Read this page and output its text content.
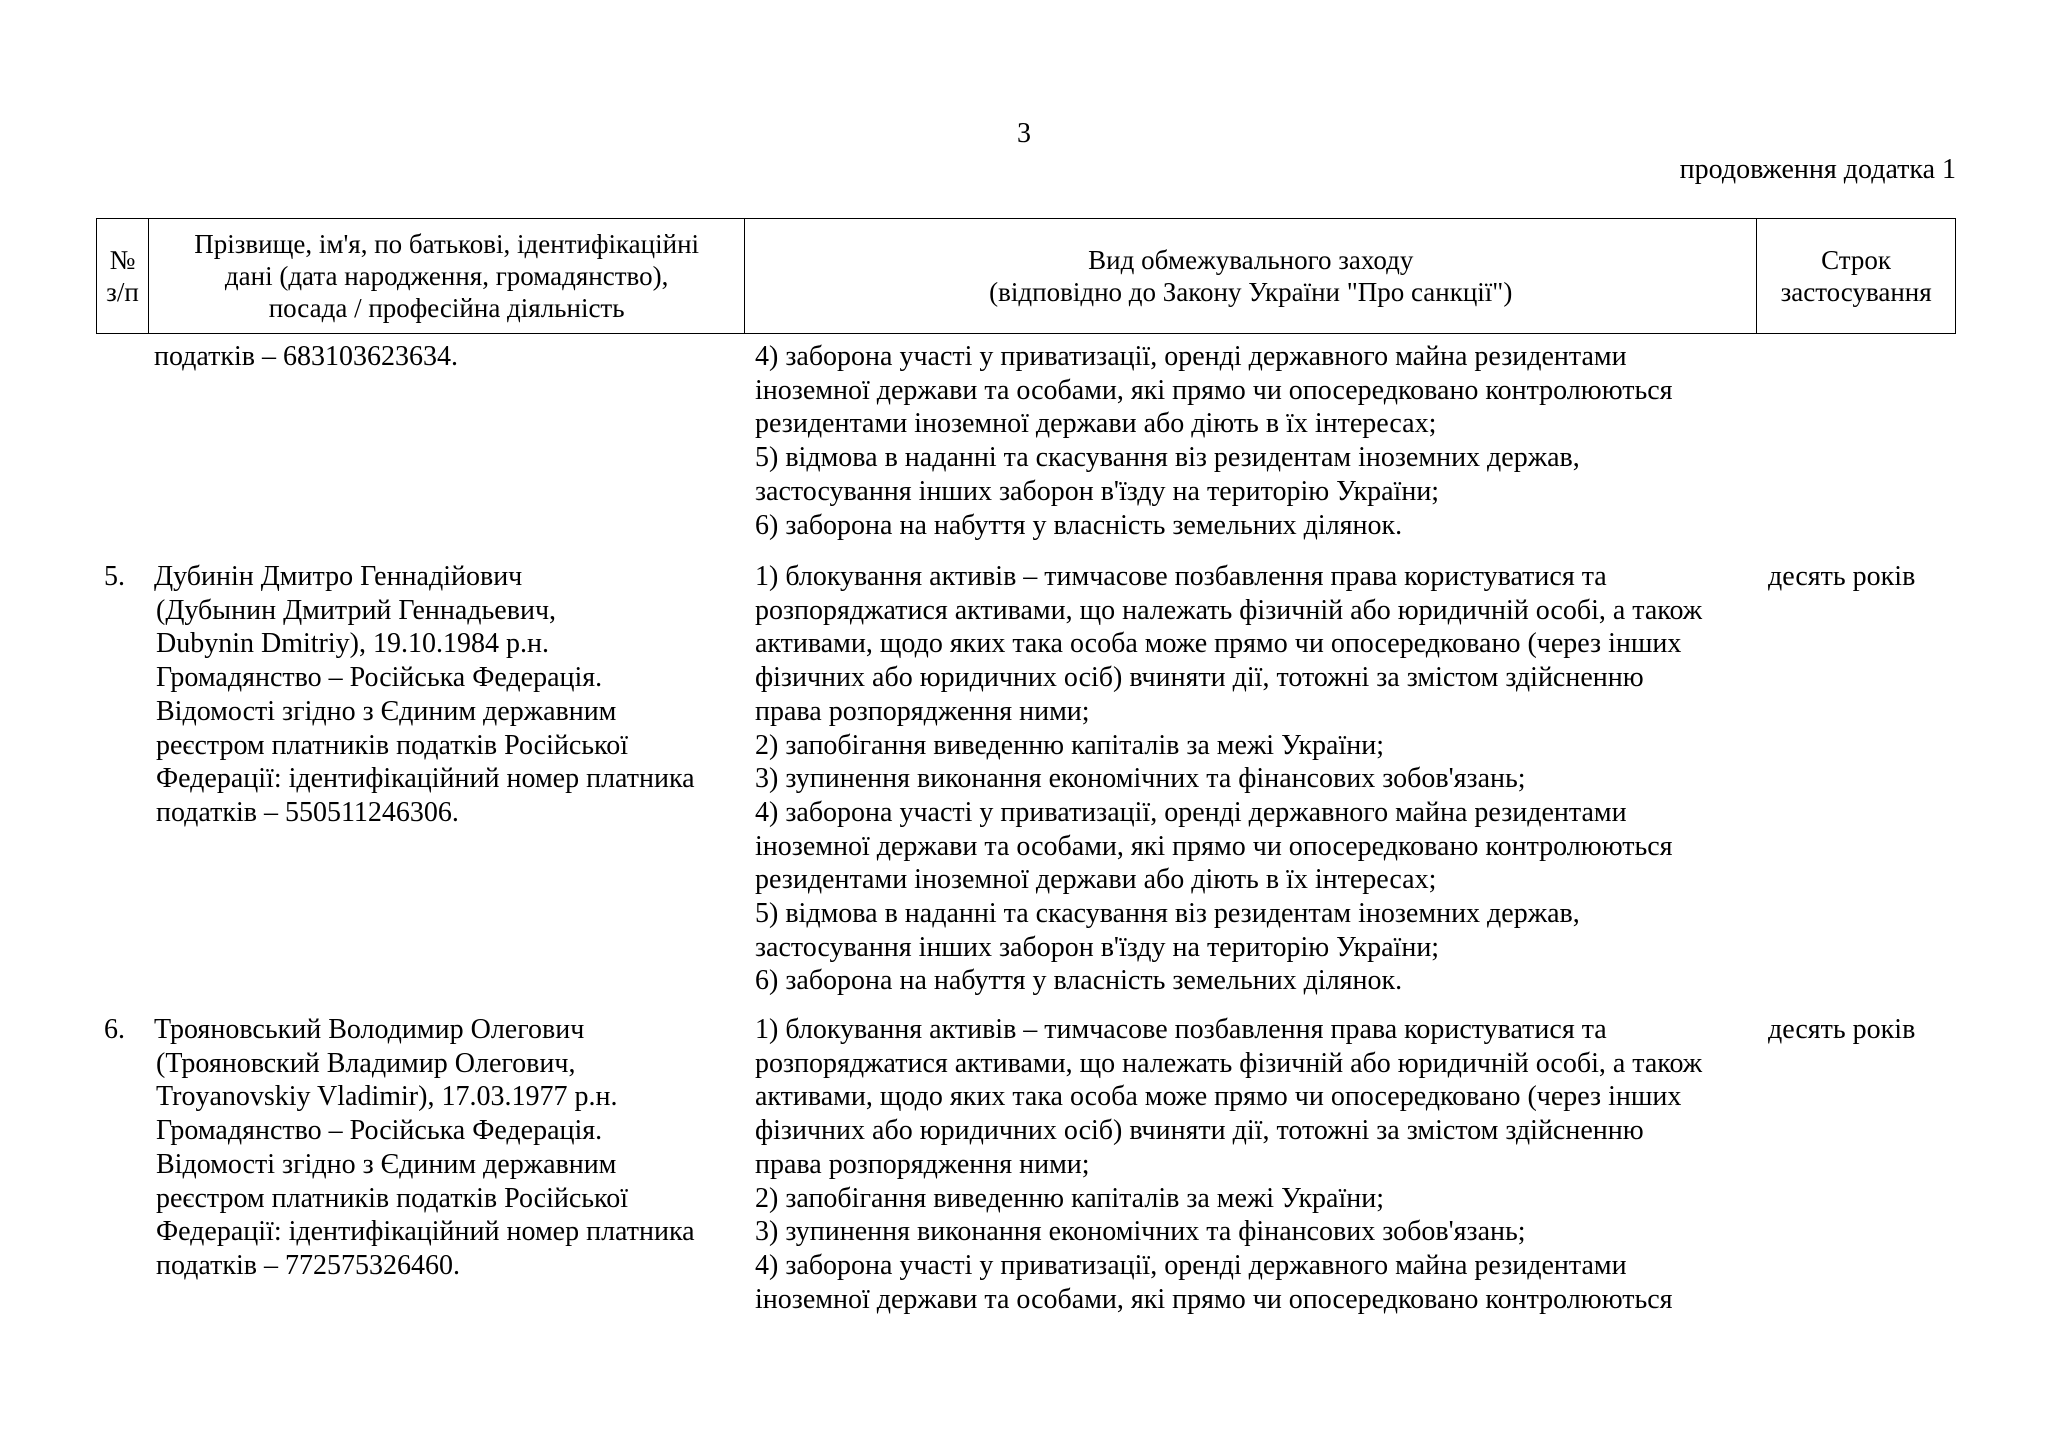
3
продовження додатка 1
№
з/п
Прізвище, ім'я, по батькові, ідентифікаційні
дані (дата народження, громадянство),
посада / професійна діяльність
Вид обмежувального заходу
(відповідно до Закону України "Про санкції")
Строк
застосування
податків – 683103623634.	4) заборона участі у приватизації, оренді державного майна резидентами
іноземної держави та особами, які прямо чи опосередковано контролюються
резидентами іноземної держави або діють в їх інтересах;
5) відмова в наданні та скасування віз резидентам іноземних держав,
застосування інших заборон в'їзду на територію України;
6) заборона на набуття у власність земельних ділянок.
5. Дубинін Дмитро Геннадійович
(Дубынин Дмитрий Геннадьевич,
Dubynin Dmitriy), 19.10.1984 р.н.
Громадянство – Російська Федерація.
Відомості згідно з Єдиним державним
реєстром платників податків Російської
Федерації: ідентифікаційний номер платника
податків – 550511246306.
1) блокування активів – тимчасове позбавлення права користуватися та
розпоряджатися активами, що належать фізичній або юридичній особі, а також
активами, щодо яких така особа може прямо чи опосередковано (через інших
фізичних або юридичних осіб) вчиняти дії, тотожні за змістом здійсненню
права розпорядження ними;
2) запобігання виведенню капіталів за межі України;
3) зупинення виконання економічних та фінансових зобов'язань;
4) заборона участі у приватизації, оренді державного майна резидентами
іноземної держави та особами, які прямо чи опосередковано контролюються
резидентами іноземної держави або діють в їх інтересах;
5) відмова в наданні та скасування віз резидентам іноземних держав,
застосування інших заборон в'їзду на територію України;
6) заборона на набуття у власність земельних ділянок.
десять років
6. Трояновський Володимир Олегович
(Трояновский Владимир Олегович,
Troyanovskiy Vladimir), 17.03.1977 р.н.
Громадянство – Російська Федерація.
Відомості згідно з Єдиним державним
реєстром платників податків Російської
Федерації: ідентифікаційний номер платника
податків – 772575326460.
1) блокування активів – тимчасове позбавлення права користуватися та
розпоряджатися активами, що належать фізичній або юридичній особі, а також
активами, щодо яких така особа може прямо чи опосередковано (через інших
фізичних або юридичних осіб) вчиняти дії, тотожні за змістом здійсненню
права розпорядження ними;
2) запобігання виведенню капіталів за межі України;
3) зупинення виконання економічних та фінансових зобов'язань;
4) заборона участі у приватизації, оренді державного майна резидентами
іноземної держави та особами, які прямо чи опосередковано контролюються
десять років
